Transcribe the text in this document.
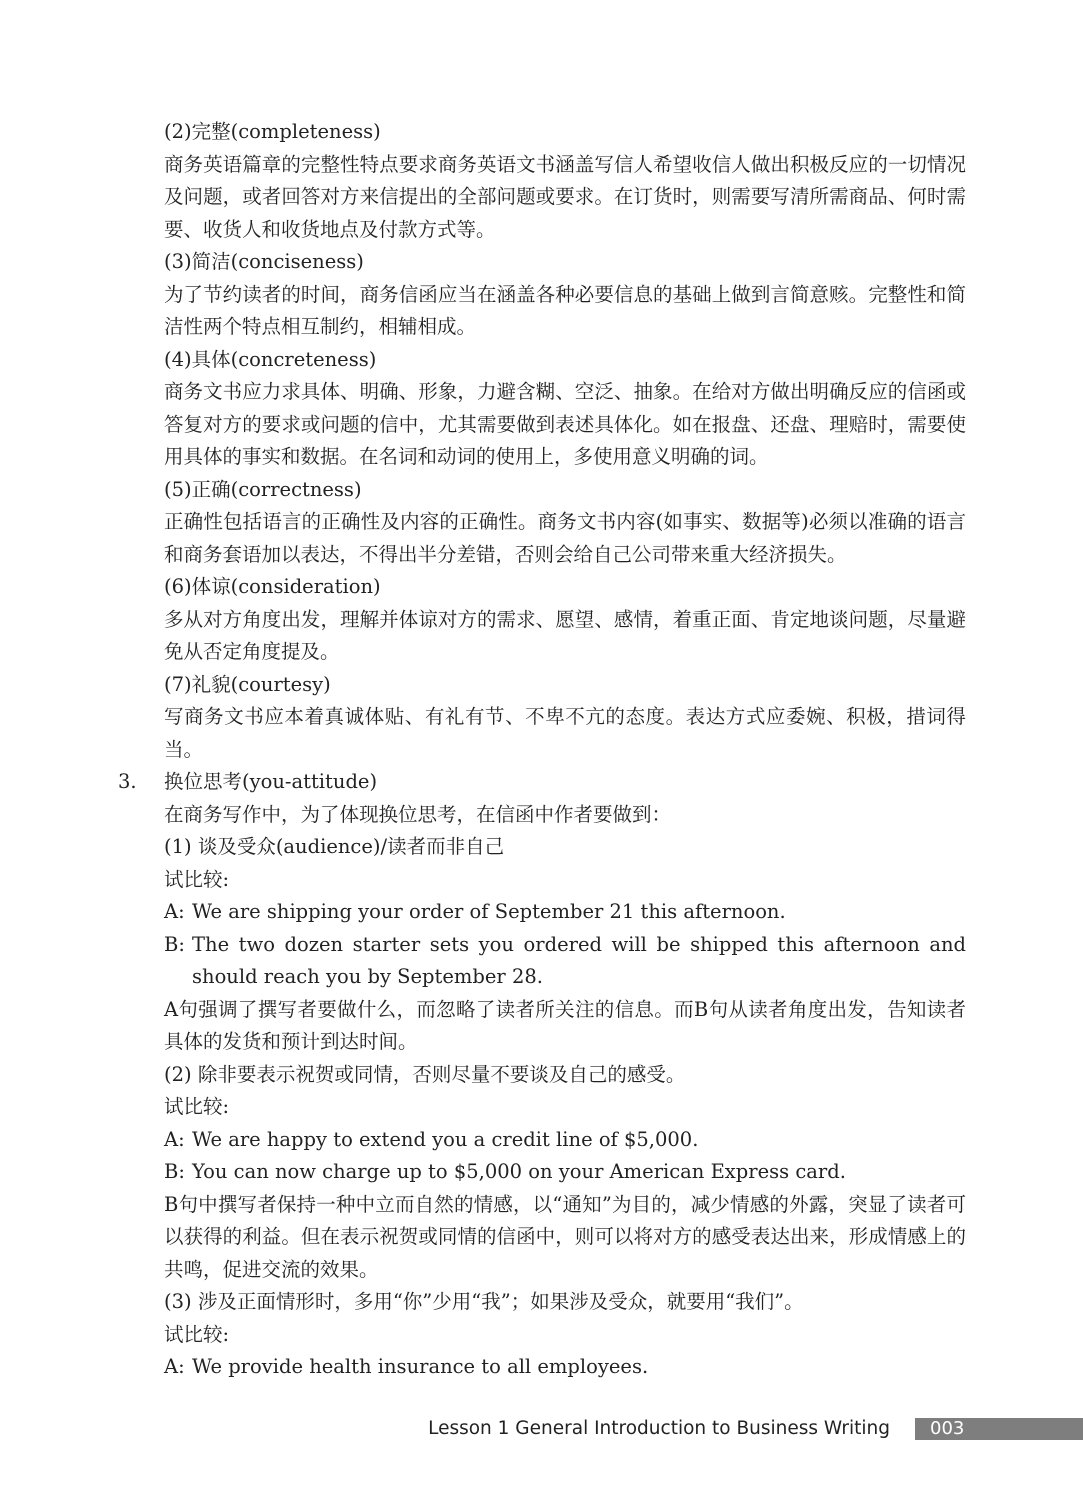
(2)完整(completeness)

商务英语篇章的完整性特点要求商务英语文书涵盖写信人希望收信人做出积极反应的一切情况及问题，或者回答对方来信提出的全部问题或要求。在订货时，则需要写清所需商品、何时需要、收货人和收货地点及付款方式等。

(3)简洁(conciseness)

为了节约读者的时间，商务信函应当在涵盖各种必要信息的基础上做到言简意赅。完整性和简洁性两个特点相互制约，相辅相成。

(4)具体(concreteness)

商务文书应力求具体、明确、形象，力避含糊、空泛、抽象。在给对方做出明确反应的信函或答复对方的要求或问题的信中，尤其需要做到表述具体化。如在报盘、还盘、理赔时，需要使用具体的事实和数据。在名词和动词的使用上，多使用意义明确的词。

(5)正确(correctness)

正确性包括语言的正确性及内容的正确性。商务文书内容(如事实、数据等)必须以准确的语言和商务套语加以表达，不得出半分差错，否则会给自己公司带来重大经济损失。

(6)体谅(consideration)

多从对方角度出发，理解并体谅对方的需求、愿望、感情，着重正面、肯定地谈问题，尽量避免从否定角度提及。

(7)礼貌(courtesy)

写商务文书应本着真诚体贴、有礼有节、不卑不亢的态度。表达方式应委婉、积极，措词得当。

3. 换位思考(you-attitude)

在商务写作中，为了体现换位思考，在信函中作者要做到：

(1) 谈及受众(audience)/读者而非自己

试比较:

A: We are shipping your order of September 21 this afternoon.

B: The two dozen starter sets you ordered will be shipped this afternoon and should reach you by September 28.

A句强调了撰写者要做什么，而忽略了读者所关注的信息。而B句从读者角度出发，告知读者具体的发货和预计到达时间。

(2) 除非要表示祝贺或同情，否则尽量不要谈及自己的感受。

试比较:

A: We are happy to extend you a credit line of $5,000.

B: You can now charge up to $5,000 on your American Express card.

B句中撰写者保持一种中立而自然的情感，以“通知”为目的，减少情感的外露，突显了读者可以获得的利益。但在表示祝贺或同情的信函中，则可以将对方的感受表达出来，形成情感上的共鸣，促进交流的效果。

(3) 涉及正面情形时，多用“你”少用“我”；如果涉及受众，就要用“我们”。

试比较:

A: We provide health insurance to all employees.

Lesson 1 General Introduction to Business Writing 003
